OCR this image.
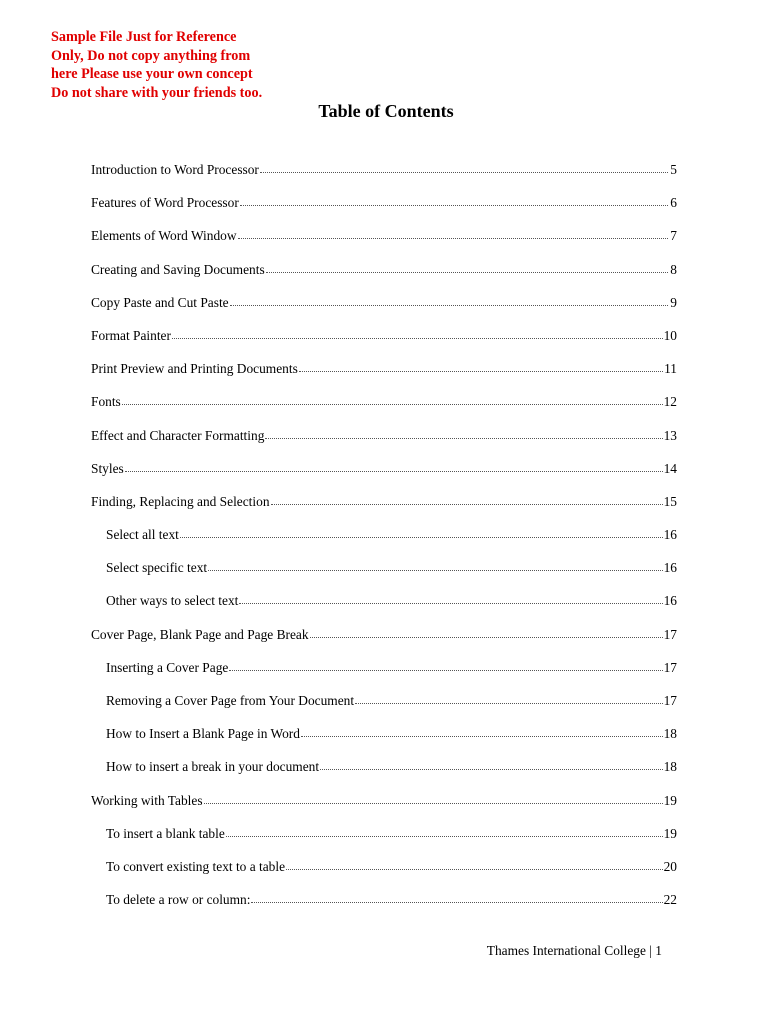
Sample File Just for Reference
Only, Do not copy anything from
here Please use your own concept
Do not share with your friends too.
Table of Contents
Introduction to Word Processor	5
Features of Word Processor	6
Elements of Word Window	7
Creating and Saving Documents	8
Copy Paste and Cut Paste	9
Format Painter	10
Print Preview and Printing Documents	11
Fonts	12
Effect and Character Formatting	13
Styles	14
Finding, Replacing and Selection	15
Select all text	16
Select specific text	16
Other ways to select text	16
Cover Page, Blank Page and Page Break	17
Inserting a Cover Page	17
Removing a Cover Page from Your Document	17
How to Insert a Blank Page in Word	18
How to insert a break in your document	18
Working with Tables	19
To insert a blank table	19
To convert existing text to a table	20
To delete a row or column:	22
Thames International College | 1
